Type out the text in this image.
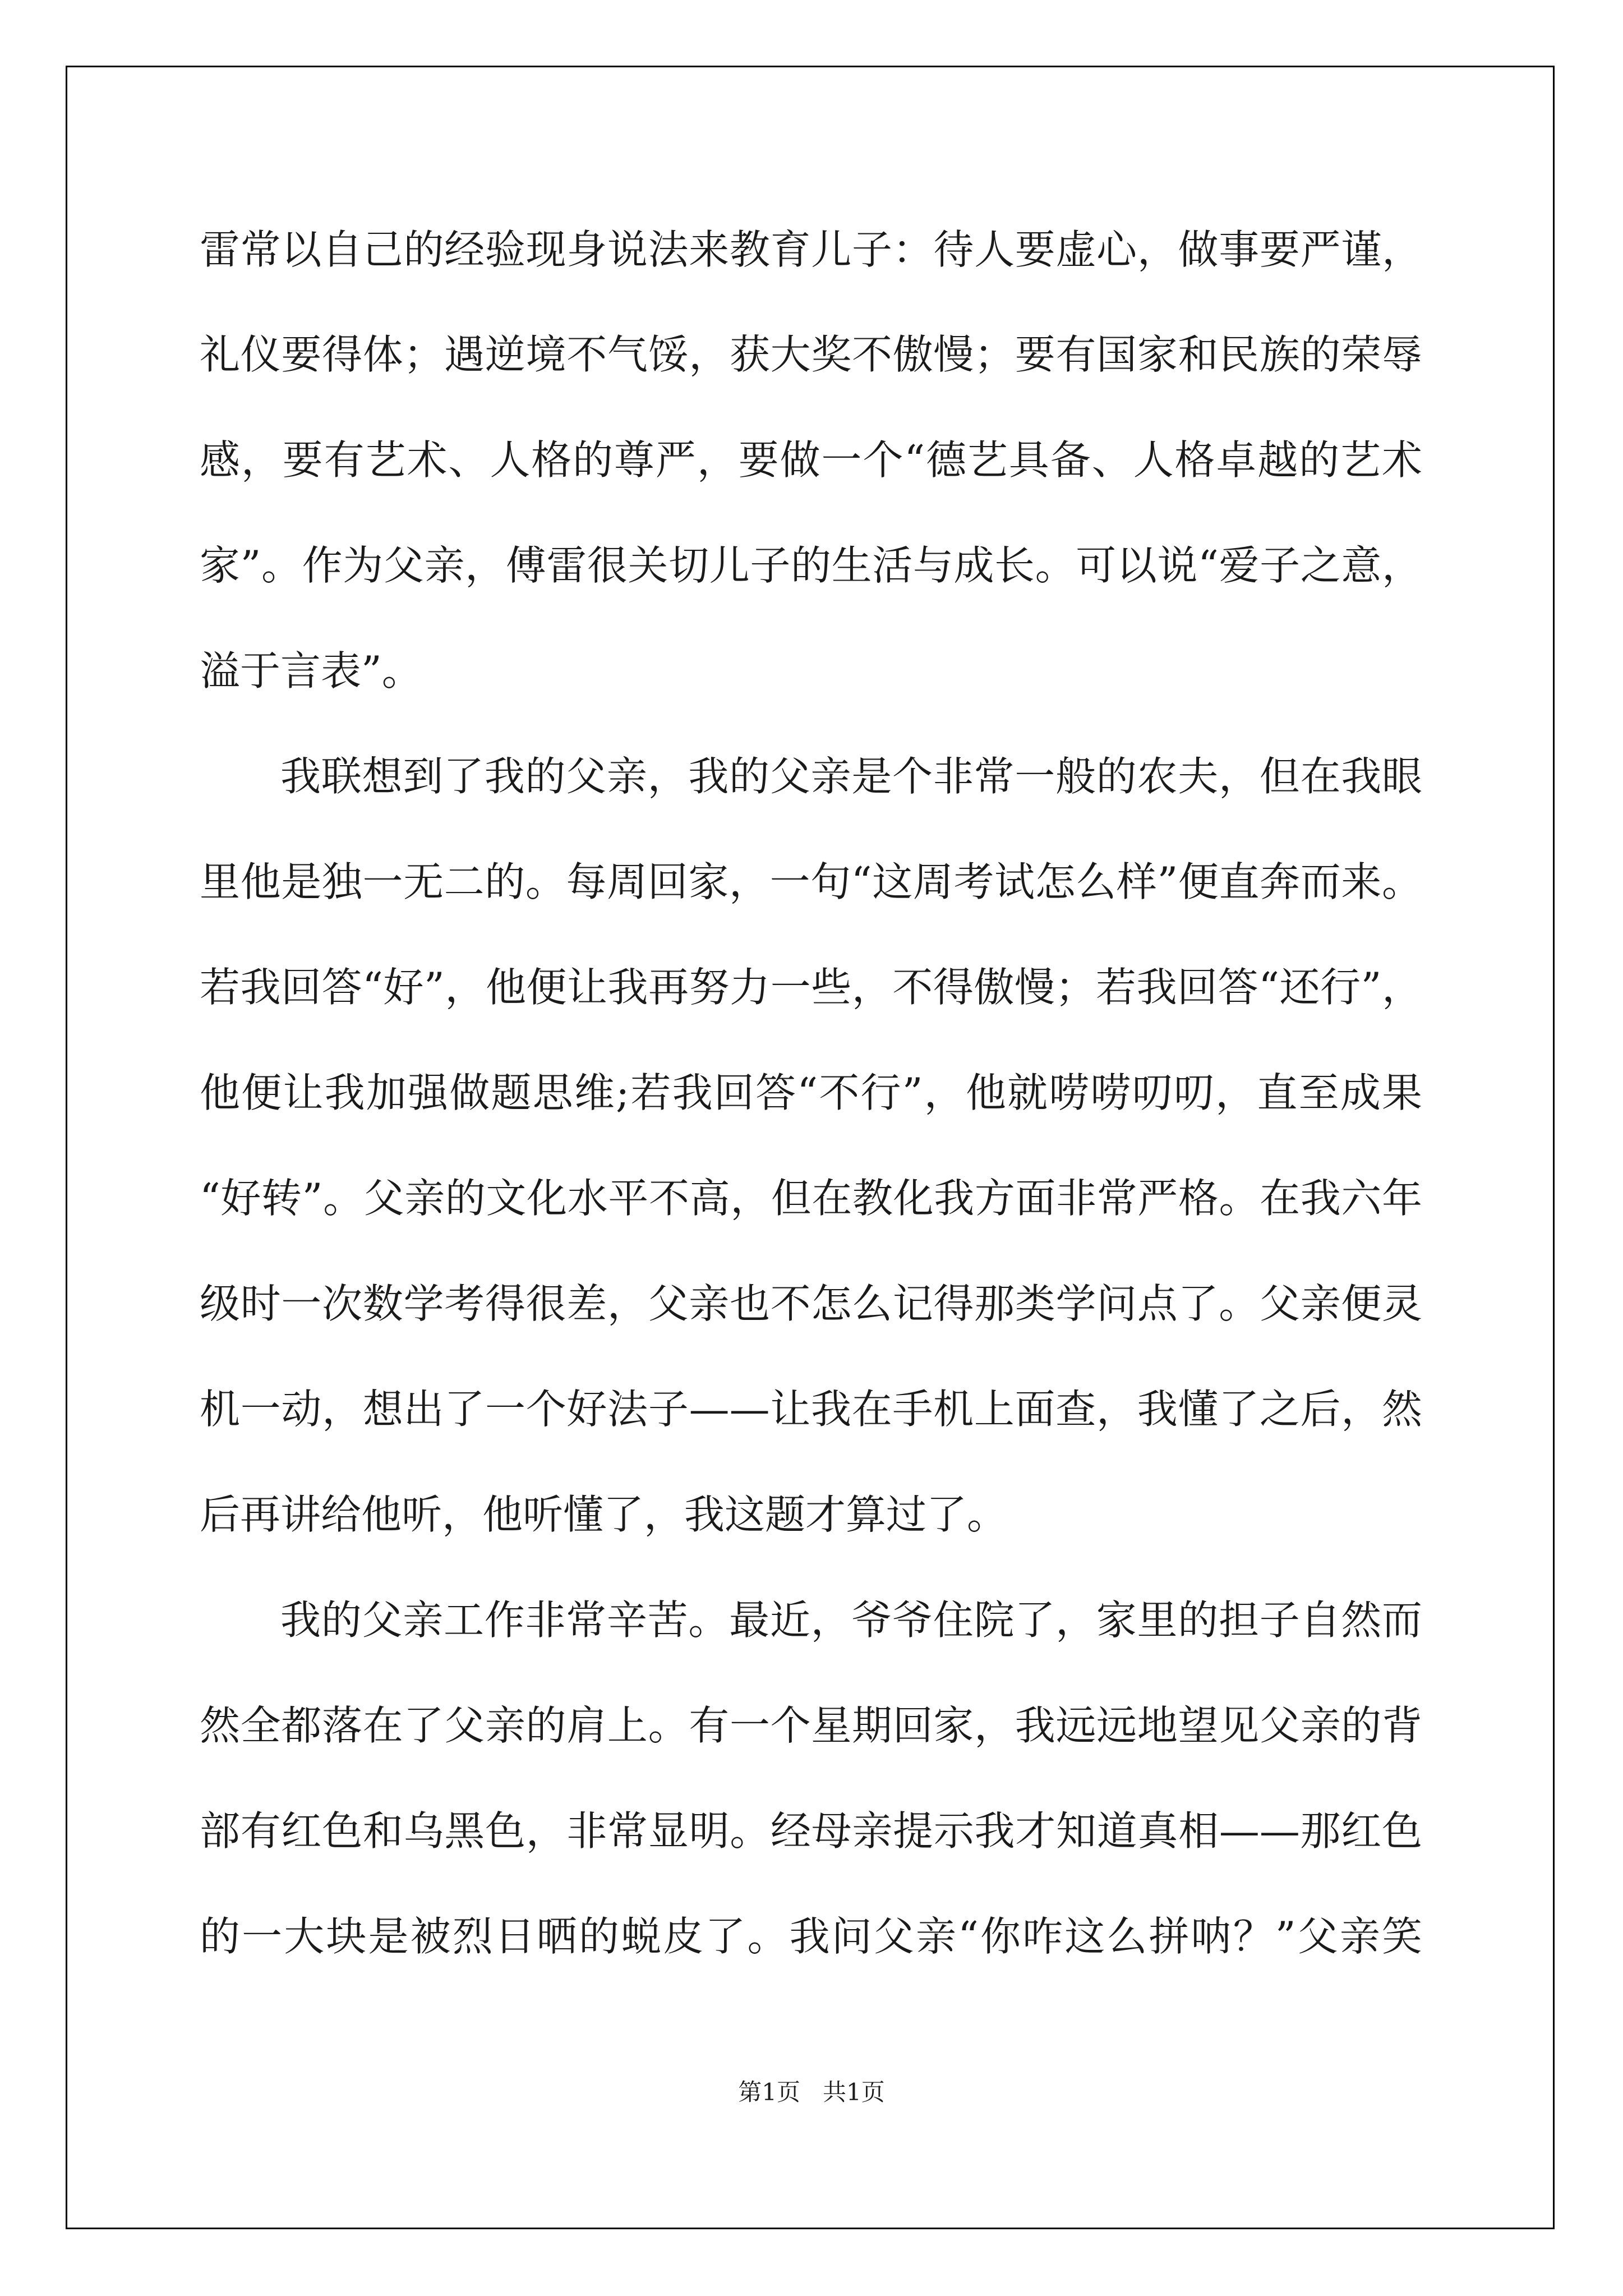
雷常以自己的经验现身说法来教育儿子：待人要虚心，做事要严谨，

礼仪要得体；遇逆境不气馁，获大奖不傲慢；要有国家和民族的荣辱

感，要有艺术、人格的尊严，要做一个“德艺具备、人格卓越的艺术

家”。作为父亲，傅雷很关切儿子的生活与成长。可以说“爱子之意，

溢于言表”。

我联想到了我的父亲，我的父亲是个非常一般的农夫，但在我眼

里他是独一无二的。每周回家，一句“这周考试怎么样”便直奔而来。

若我回答“好”，他便让我再努力一些，不得傲慢；若我回答“还行”，

他便让我加强做题思维;若我回答“不行”，他就唠唠叨叨，直至成果

“好转”。父亲的文化水平不高，但在教化我方面非常严格。在我六年

级时一次数学考得很差，父亲也不怎么记得那类学问点了。父亲便灵

机一动，想出了一个好法子——让我在手机上面查，我懂了之后，然

后再讲给他听，他听懂了，我这题才算过了。

我的父亲工作非常辛苦。最近，爷爷住院了，家里的担子自然而

然全都落在了父亲的肩上。有一个星期回家，我远远地望见父亲的背

部有红色和乌黑色，非常显明。经母亲提示我才知道真相——那红色

的一大块是被烈日晒的蜕皮了。我问父亲“你咋这么拼呐？”父亲笑

第1页   共1页
